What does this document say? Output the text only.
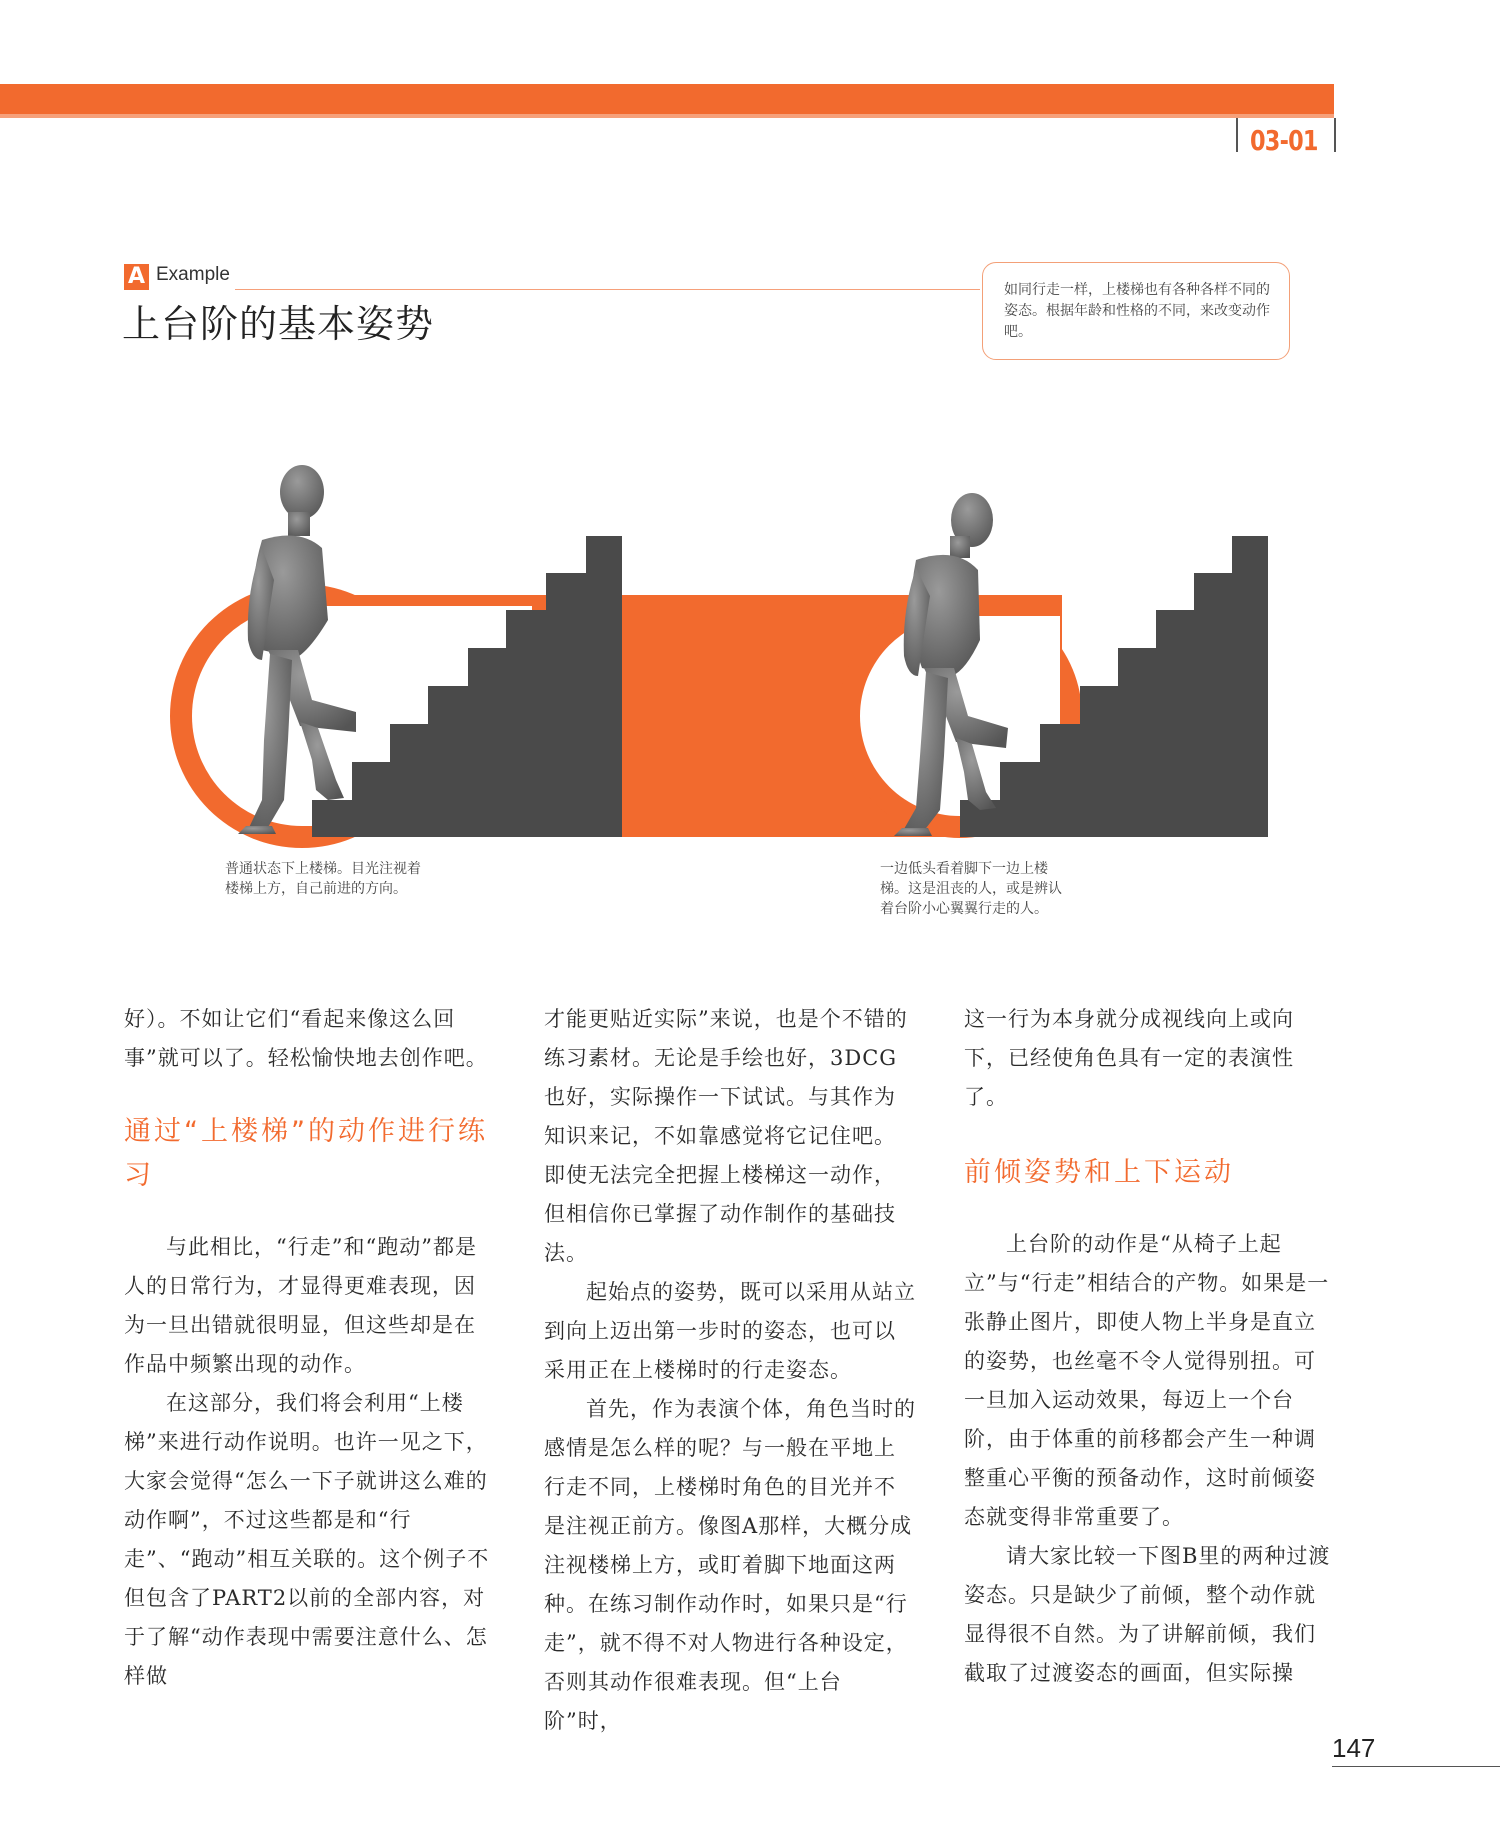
03-01
A Example
上台阶的基本姿势
如同行走一样，上楼梯也有各种各样不同的姿态。根据年龄和性格的不同，来改变动作吧。
普通状态下上楼梯。目光注视着楼梯上方，自己前进的方向。
一边低头看着脚下一边上楼梯。这是沮丧的人，或是辨认着台阶小心翼翼行走的人。

好）。不如让它们“看起来像这么回事”就可以了。轻松愉快地去创作吧。

通过“上楼梯”的动作进行练习

与此相比，“行走”和“跑动”都是人的日常行为，才显得更难表现，因为一旦出错就很明显，但这些却是在作品中频繁出现的动作。

在这部分，我们将会利用“上楼梯”来进行动作说明。也许一见之下，大家会觉得“怎么一下子就讲这么难的动作啊”，不过这些都是和“行走”、“跑动”相互关联的。这个例子不但包含了PART2以前的全部内容，对于了解“动作表现中需要注意什么、怎样做

才能更贴近实际”来说，也是个不错的练习素材。无论是手绘也好，3DCG也好，实际操作一下试试。与其作为知识来记，不如靠感觉将它记住吧。即使无法完全把握上楼梯这一动作，但相信你已掌握了动作制作的基础技法。

起始点的姿势，既可以采用从站立到向上迈出第一步时的姿态，也可以采用正在上楼梯时的行走姿态。

首先，作为表演个体，角色当时的感情是怎么样的呢？与一般在平地上行走不同，上楼梯时角色的目光并不是注视正前方。像图A那样，大概分成注视楼梯上方，或盯着脚下地面这两种。在练习制作动作时，如果只是“行走”，就不得不对人物进行各种设定，否则其动作很难表现。但“上台阶”时，

这一行为本身就分成视线向上或向下，已经使角色具有一定的表演性了。

前倾姿势和上下运动

上台阶的动作是“从椅子上起立”与“行走”相结合的产物。如果是一张静止图片，即使人物上半身是直立的姿势，也丝毫不令人觉得别扭。可一旦加入运动效果，每迈上一个台阶，由于体重的前移都会产生一种调整重心平衡的预备动作，这时前倾姿态就变得非常重要了。

请大家比较一下图B里的两种过渡姿态。只是缺少了前倾，整个动作就显得很不自然。为了讲解前倾，我们截取了过渡姿态的画面，但实际操

147
